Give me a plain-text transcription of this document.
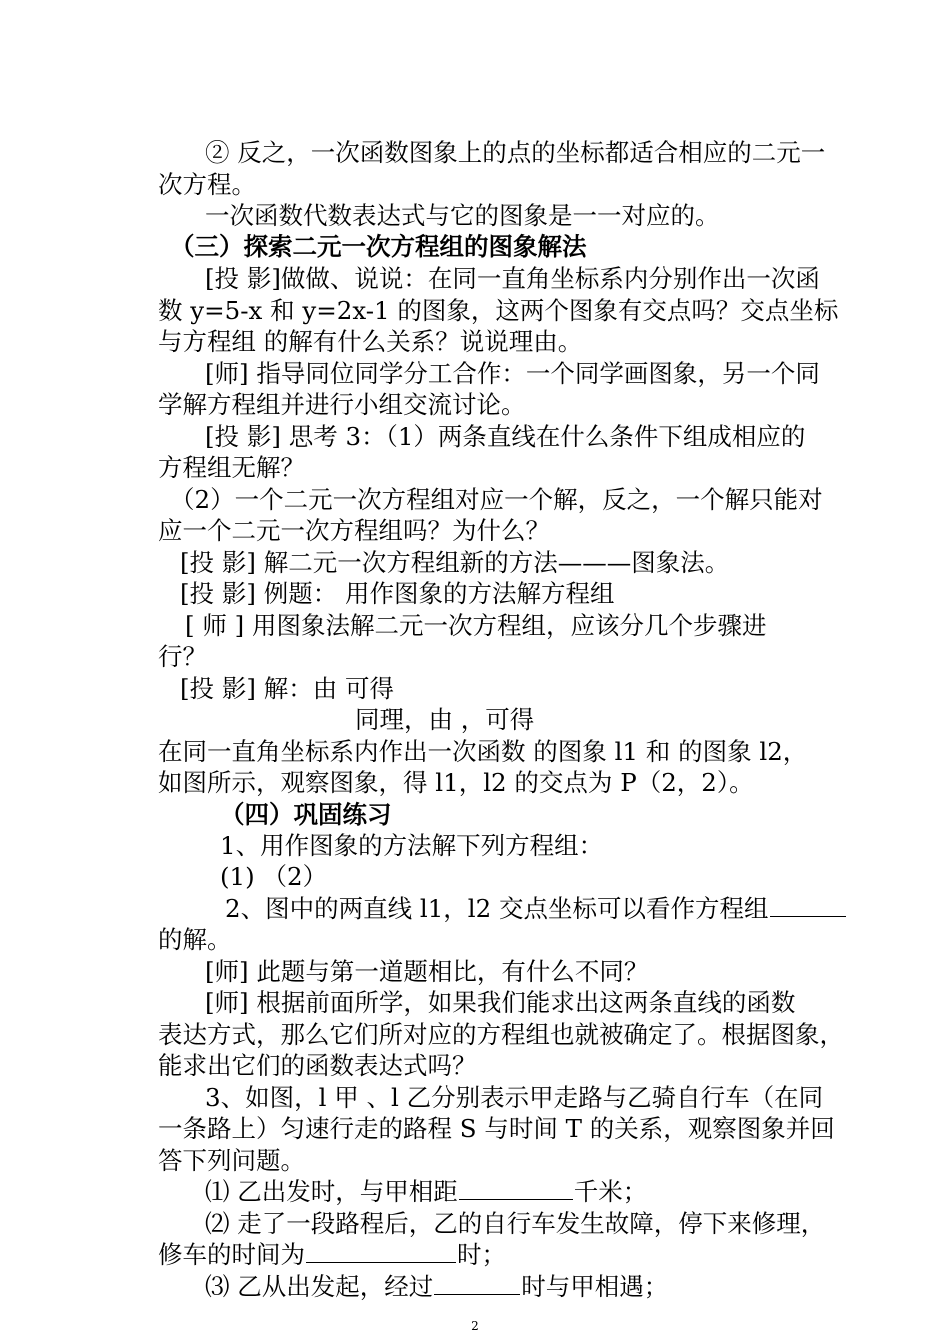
② 反之，一次函数图象上的点的坐标都适合相应的二元一
次方程。
一次函数代数表达式与它的图象是一一对应的。
（三）探索二元一次方程组的图象解法
[投 影]做做、说说：在同一直角坐标系内分别作出一次函
数 y=5-x 和 y=2x-1 的图象，这两个图象有交点吗？交点坐标
与方程组 的解有什么关系？说说理由。
[师] 指导同位同学分工合作：一个同学画图象，另一个同
学解方程组并进行小组交流讨论。
[投 影] 思考 3：（1）两条直线在什么条件下组成相应的
方程组无解？
（2）一个二元一次方程组对应一个解，反之，一个解只能对
应一个二元一次方程组吗？为什么？
[投 影] 解二元一次方程组新的方法———图象法。
[投 影] 例题： 用作图象的方法解方程组
[ 师 ] 用图象法解二元一次方程组，应该分几个步骤进
行？
[投 影] 解：由 可得
同理，由 ，可得
在同一直角坐标系内作出一次函数 的图象 l1 和 的图象 l2，
如图所示，观察图象，得 l1，l2 的交点为 P（2，2）。
（四）巩固练习
1、用作图象的方法解下列方程组：
(1) （2）
2、图中的两直线 l1，l2 交点坐标可以看作方程组
的解。
[师] 此题与第一道题相比，有什么不同？
[师] 根据前面所学，如果我们能求出这两条直线的函数
表达方式，那么它们所对应的方程组也就被确定了。根据图象，
能求出它们的函数表达式吗？
3、如图，l 甲 、l 乙分别表示甲走路与乙骑自行车（在同
一条路上）匀速行走的路程 S 与时间 T 的关系，观察图象并回
答下列问题。
⑴ 乙出发时，与甲相距	千米；
⑵ 走了一段路程后，乙的自行车发生故障，停下来修理，
修车的时间为	时；
⑶ 乙从出发起，经过	时与甲相遇；
2
